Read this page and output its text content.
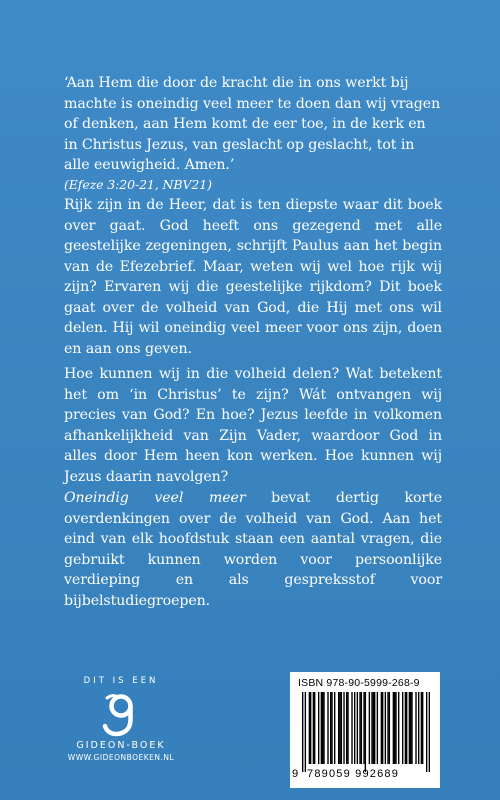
‘Aan Hem die door de kracht die in ons werkt bij machte is oneindig veel meer te doen dan wij vragen of denken, aan Hem komt de eer toe, in de kerk en in Christus Jezus, van geslacht op geslacht, tot in alle eeuwigheid. Amen.’

(Efeze 3:20-21, NBV21)

Rijk zijn in de Heer, dat is ten diepste waar dit boek over gaat. God heeft ons gezegend met alle geestelijke zegeningen, schrijft Paulus aan het begin van de Efezebrief. Maar, weten wij wel hoe rijk wij zijn? Ervaren wij die geestelijke rijkdom? Dit boek gaat over de volheid van God, die Hij met ons wil delen. Hij wil oneindig veel meer voor ons zijn, doen en aan ons geven.

Hoe kunnen wij in die volheid delen? Wat betekent het om ‘in Christus’ te zijn? Wát ontvangen wij precies van God? En hoe? Jezus leefde in volkomen afhankelijkheid van Zijn Vader, waardoor God in alles door Hem heen kon werken. Hoe kunnen wij Jezus daarin navolgen?

Oneindig veel meer bevat dertig korte overdenkingen over de volheid van God. Aan het eind van elk hoofdstuk staan een aantal vragen, die gebruikt kunnen worden voor persoonlijke verdieping en als gespreksstof voor bijbelstudiegroepen.

DIT IS EEN
GIDEON-BOEK
WWW.GIDEONBOEKEN.NL
ISBN 978-90-5999-268-9
9 789059 992689
